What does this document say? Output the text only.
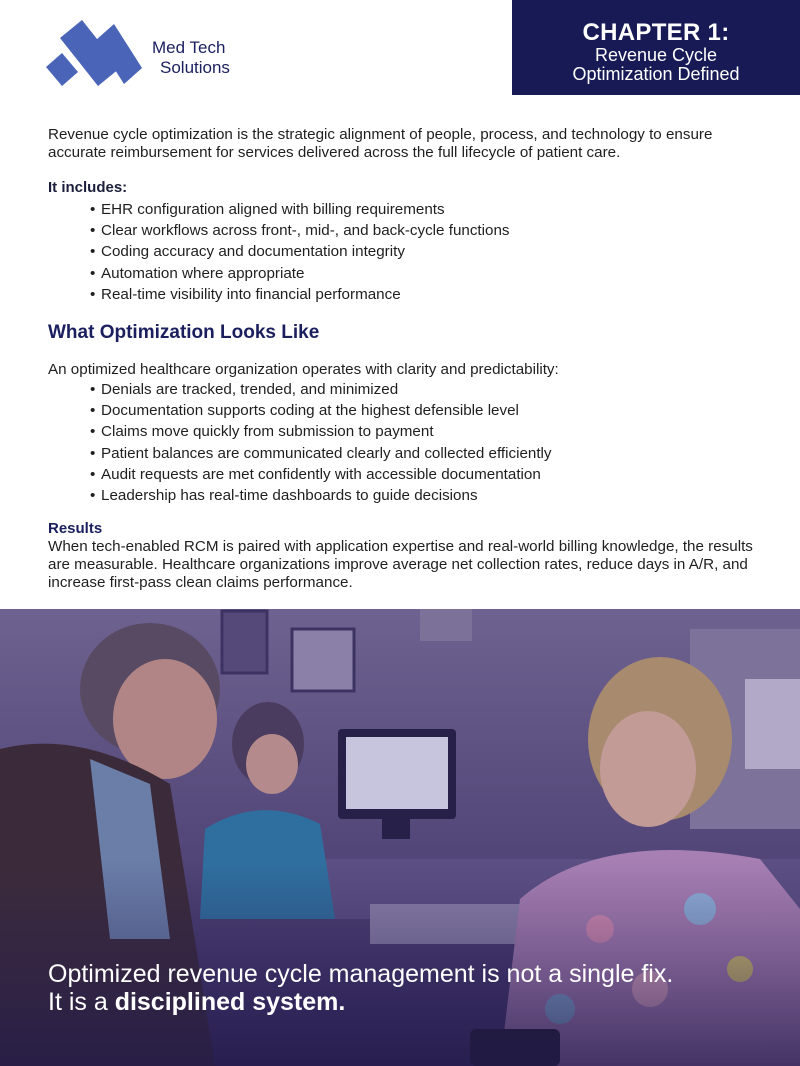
Med Tech
Solutions
CHAPTER 1:
Revenue Cycle
Optimization Defined

Revenue cycle optimization is the strategic alignment of people, process, and technology to ensure accurate reimbursement for services delivered across the full lifecycle of patient care.

It includes:

• EHR configuration aligned with billing requirements
• Clear workflows across front-, mid-, and back-cycle functions
• Coding accuracy and documentation integrity
• Automation where appropriate
• Real-time visibility into financial performance

What Optimization Looks Like

An optimized healthcare organization operates with clarity and predictability:

• Denials are tracked, trended, and minimized
• Documentation supports coding at the highest defensible level
• Claims move quickly from submission to payment
• Patient balances are communicated clearly and collected efficiently
• Audit requests are met confidently with accessible documentation
• Leadership has real-time dashboards to guide decisions

Results

When tech-enabled RCM is paired with application expertise and real-world billing knowledge, the results are measurable. Healthcare organizations improve average net collection rates, reduce days in A/R, and increase first-pass clean claims performance.

Optimized revenue cycle management is not a single fix.
It is a disciplined system.
